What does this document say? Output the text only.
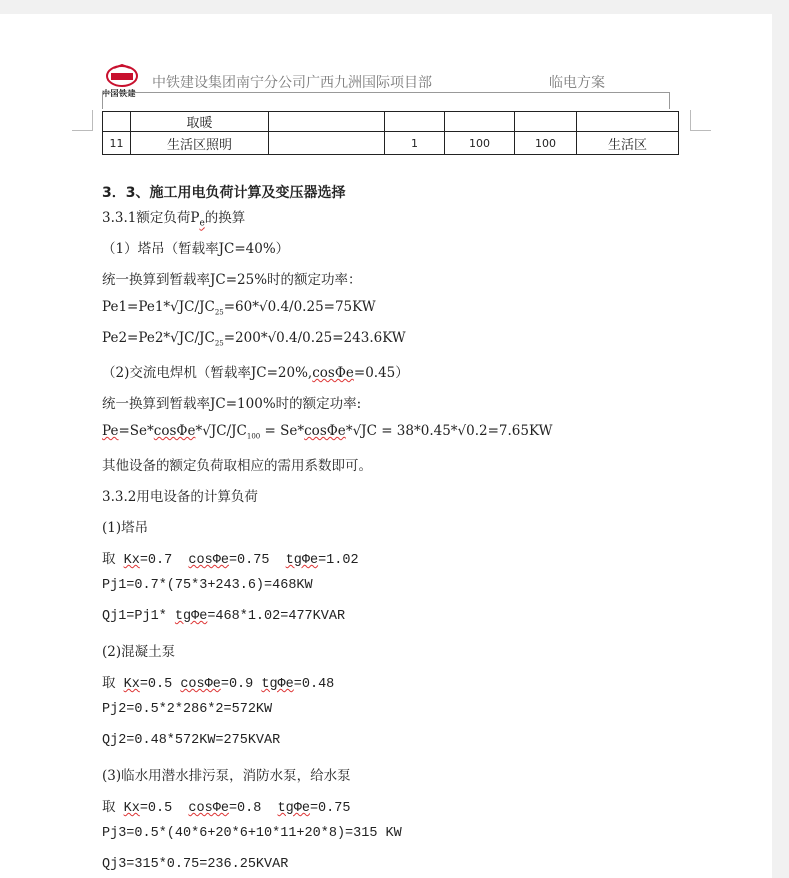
中国铁建
中铁建设集团南宁分公司广西九洲国际项目部	临电方案
	取暖					
11	生活区照明		1	100	100	生活区
3．3、施工用电负荷计算及变压器选择
3.3.1额定负荷$P_e$的换算
（1）塔吊（暂载率JC=40%）
统一换算到暂载率JC=25%时的额定功率：
$Pe1=Pe1*√JC/JC_{25}=60*√0.4/0.25=75KW$
$Pe2=Pe2*√JC/JC_{25}=200*√0.4/0.25=243.6KW$
（2)交流电焊机（暂载率JC=20%,cosΦe=0.45）
统一换算到暂载率JC=100%时的额定功率:
$Pe=Se*\cos\Phi e*√JC/JC_{100} = Se*\cos\Phi e*√JC = 38*0.45*√0.2=7.65KW$
其他设备的额定负荷取相应的需用系数即可。
3.3.2用电设备的计算负荷
(1)塔吊
取 Kx=0.7  cosΦe=0.75  tgΦe=1.02
Pj1=0.7*(75*3+243.6)=468KW
Qj1=Pj1* tgΦe=468*1.02=477KVAR
(2)混凝土泵
取 Kx=0.5 cosΦe=0.9 tgΦe=0.48
Pj2=0.5*2*286*2=572KW
Qj2=0.48*572KW=275KVAR
(3)临水用潜水排污泵，消防水泵，给水泵
取 Kx=0.5  cosΦe=0.8  tgΦe=0.75
Pj3=0.5*(40*6+20*6+10*11+20*8)=315 KW
Qj3=315*0.75=236.25KVAR
